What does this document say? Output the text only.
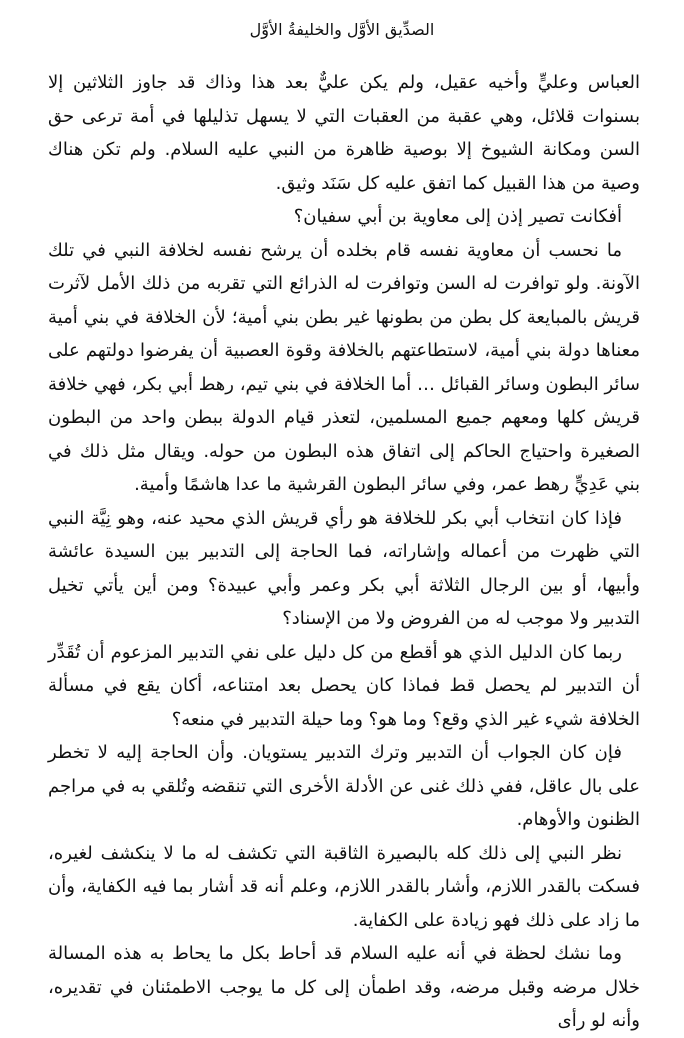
الصدِّيق الأوَّل والخليفةُ الأوَّل

العباس وعليٍّ وأخيه عقيل، ولم يكن عليٌّ بعد هذا وذاك قد جاوز الثلاثين إلا بسنوات قلائل، وهي عقبة من العقبات التي لا يسهل تذليلها في أمة ترعى حق السن ومكانة الشيوخ إلا بوصية ظاهرة من النبي عليه السلام. ولم تكن هناك وصية من هذا القبيل كما اتفق عليه كل سَنَد وثيق.

أفكانت تصير إذن إلى معاوية بن أبي سفيان؟

ما نحسب أن معاوية نفسه قام بخلده أن يرشح نفسه لخلافة النبي في تلك الآونة. ولو توافرت له السن وتوافرت له الذرائع التي تقربه من ذلك الأمل لآثرت قريش بالمبايعة كل بطن من بطونها غير بطن بني أمية؛ لأن الخلافة في بني أمية معناها دولة بني أمية، لاستطاعتهم بالخلافة وقوة العصبية أن يفرضوا دولتهم على سائر البطون وسائر القبائل … أما الخلافة في بني تيم، رهط أبي بكر، فهي خلافة قريش كلها ومعهم جميع المسلمين، لتعذر قيام الدولة ببطن واحد من البطون الصغيرة واحتياج الحاكم إلى اتفاق هذه البطون من حوله. ويقال مثل ذلك في بني عَدِيٍّ رهط عمر، وفي سائر البطون القرشية ما عدا هاشمًا وأمية.

فإذا كان انتخاب أبي بكر للخلافة هو رأي قريش الذي محيد عنه، وهو نِيَّة النبي التي ظهرت من أعماله وإشاراته، فما الحاجة إلى التدبير بين السيدة عائشة وأبيها، أو بين الرجال الثلاثة أبي بكر وعمر وأبي عبيدة؟ ومن أين يأتي تخيل التدبير ولا موجب له من الفروض ولا من الإسناد؟

ربما كان الدليل الذي هو أقطع من كل دليل على نفي التدبير المزعوم أن تُقَدِّر أن التدبير لم يحصل قط فماذا كان يحصل بعد امتناعه، أكان يقع في مسألة الخلافة شيء غير الذي وقع؟ وما هو؟ وما حيلة التدبير في منعه؟

فإن كان الجواب أن التدبير وترك التدبير يستويان. وأن الحاجة إليه لا تخطر على بال عاقل، ففي ذلك غنى عن الأدلة الأخرى التي تنقضه وتُلقي به في مراجم الظنون والأوهام.

نظر النبي إلى ذلك كله بالبصيرة الثاقبة التي تكشف له ما لا ينكشف لغيره، فسكت بالقدر اللازم، وأشار بالقدر اللازم، وعلم أنه قد أشار بما فيه الكفاية، وأن ما زاد على ذلك فهو زيادة على الكفاية.

وما نشك لحظة في أنه عليه السلام قد أحاط بكل ما يحاط به هذه المسالة خلال مرضه وقبل مرضه، وقد اطمأن إلى كل ما يوجب الاطمئنان في تقديره، وأنه لو رأى
